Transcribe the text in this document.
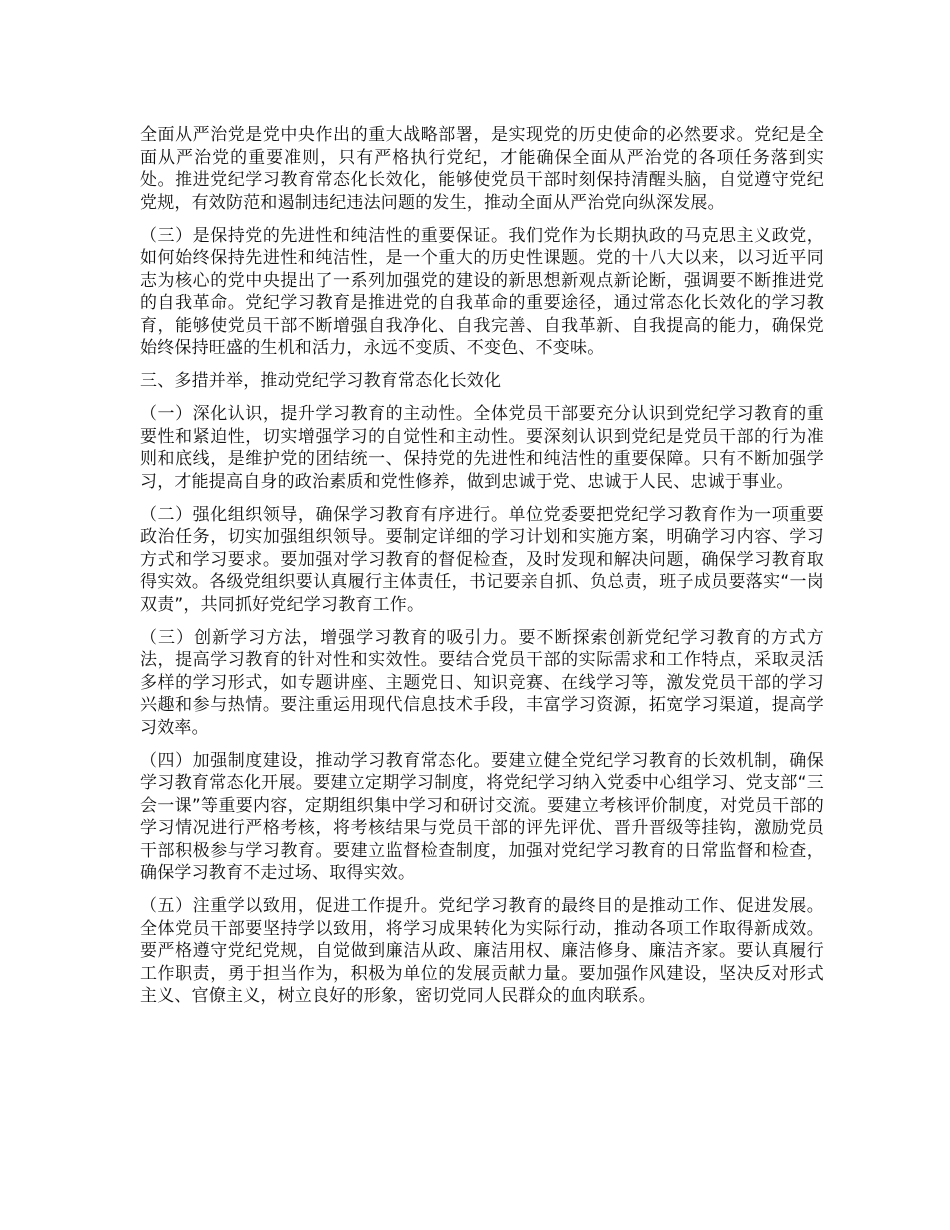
全面从严治党是党中央作出的重大战略部署，是实现党的历史使命的必然要求。党纪是全面从严治党的重要准则，只有严格执行党纪，才能确保全面从严治党的各项任务落到实处。推进党纪学习教育常态化长效化，能够使党员干部时刻保持清醒头脑，自觉遵守党纪党规，有效防范和遏制违纪违法问题的发生，推动全面从严治党向纵深发展。

（三）是保持党的先进性和纯洁性的重要保证。我们党作为长期执政的马克思主义政党，如何始终保持先进性和纯洁性，是一个重大的历史性课题。党的十八大以来，以习近平同志为核心的党中央提出了一系列加强党的建设的新思想新观点新论断，强调要不断推进党的自我革命。党纪学习教育是推进党的自我革命的重要途径，通过常态化长效化的学习教育，能够使党员干部不断增强自我净化、自我完善、自我革新、自我提高的能力，确保党始终保持旺盛的生机和活力，永远不变质、不变色、不变味。

三、多措并举，推动党纪学习教育常态化长效化

（一）深化认识，提升学习教育的主动性。全体党员干部要充分认识到党纪学习教育的重要性和紧迫性，切实增强学习的自觉性和主动性。要深刻认识到党纪是党员干部的行为准则和底线，是维护党的团结统一、保持党的先进性和纯洁性的重要保障。只有不断加强学习，才能提高自身的政治素质和党性修养，做到忠诚于党、忠诚于人民、忠诚于事业。

（二）强化组织领导，确保学习教育有序进行。单位党委要把党纪学习教育作为一项重要政治任务，切实加强组织领导。要制定详细的学习计划和实施方案，明确学习内容、学习方式和学习要求。要加强对学习教育的督促检查，及时发现和解决问题，确保学习教育取得实效。各级党组织要认真履行主体责任，书记要亲自抓、负总责，班子成员要落实“一岗双责”，共同抓好党纪学习教育工作。

（三）创新学习方法，增强学习教育的吸引力。要不断探索创新党纪学习教育的方式方法，提高学习教育的针对性和实效性。要结合党员干部的实际需求和工作特点，采取灵活多样的学习形式，如专题讲座、主题党日、知识竞赛、在线学习等，激发党员干部的学习兴趣和参与热情。要注重运用现代信息技术手段，丰富学习资源，拓宽学习渠道，提高学习效率。

（四）加强制度建设，推动学习教育常态化。要建立健全党纪学习教育的长效机制，确保学习教育常态化开展。要建立定期学习制度，将党纪学习纳入党委中心组学习、党支部“三会一课”等重要内容，定期组织集中学习和研讨交流。要建立考核评价制度，对党员干部的学习情况进行严格考核，将考核结果与党员干部的评先评优、晋升晋级等挂钩，激励党员干部积极参与学习教育。要建立监督检查制度，加强对党纪学习教育的日常监督和检查，确保学习教育不走过场、取得实效。

（五）注重学以致用，促进工作提升。党纪学习教育的最终目的是推动工作、促进发展。全体党员干部要坚持学以致用，将学习成果转化为实际行动，推动各项工作取得新成效。要严格遵守党纪党规，自觉做到廉洁从政、廉洁用权、廉洁修身、廉洁齐家。要认真履行工作职责，勇于担当作为，积极为单位的发展贡献力量。要加强作风建设，坚决反对形式主义、官僚主义，树立良好的形象，密切党同人民群众的血肉联系。
